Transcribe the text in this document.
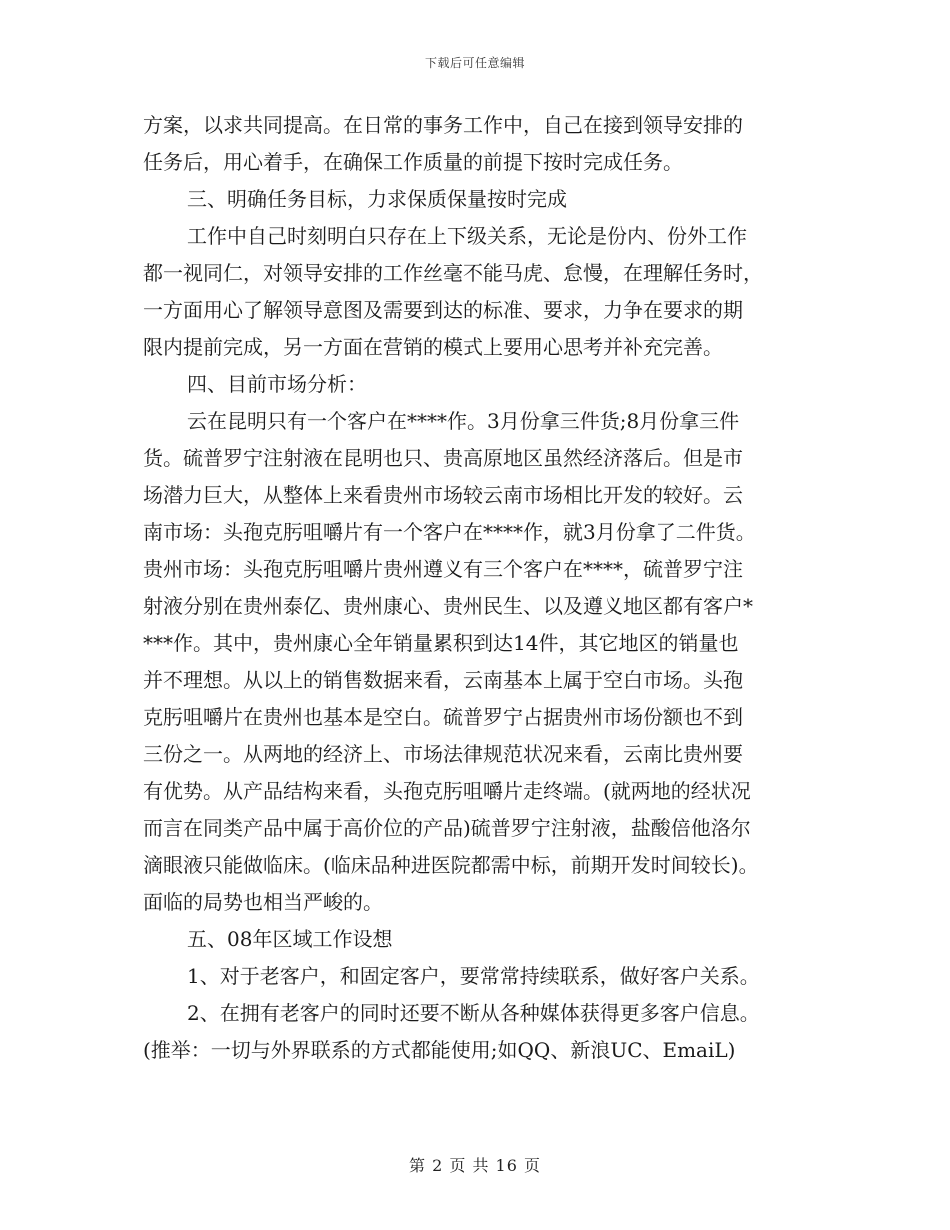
下载后可任意编辑
方案，以求共同提高。在日常的事务工作中，自己在接到领导安排的
任务后，用心着手，在确保工作质量的前提下按时完成任务。
三、明确任务目标，力求保质保量按时完成
工作中自己时刻明白只存在上下级关系，无论是份内、份外工作
都一视同仁，对领导安排的工作丝毫不能马虎、怠慢，在理解任务时，
一方面用心了解领导意图及需要到达的标准、要求，力争在要求的期
限内提前完成，另一方面在营销的模式上要用心思考并补充完善。
四、目前市场分析：
云在昆明只有一个客户在****作。3月份拿三件货;8月份拿三件
货。硫普罗宁注射液在昆明也只、贵高原地区虽然经济落后。但是市
场潜力巨大，从整体上来看贵州市场较云南市场相比开发的较好。云
南市场：头孢克肟咀嚼片有一个客户在****作，就3月份拿了二件货。
贵州市场：头孢克肟咀嚼片贵州遵义有三个客户在****，硫普罗宁注
射液分别在贵州泰亿、贵州康心、贵州民生、以及遵义地区都有客户*
***作。其中，贵州康心全年销量累积到达14件，其它地区的销量也
并不理想。从以上的销售数据来看，云南基本上属于空白市场。头孢
克肟咀嚼片在贵州也基本是空白。硫普罗宁占据贵州市场份额也不到
三份之一。从两地的经济上、市场法律规范状况来看，云南比贵州要
有优势。从产品结构来看，头孢克肟咀嚼片走终端。(就两地的经状况
而言在同类产品中属于高价位的产品)硫普罗宁注射液，盐酸倍他洛尔
滴眼液只能做临床。(临床品种进医院都需中标，前期开发时间较长)。
面临的局势也相当严峻的。
五、08年区域工作设想
1、对于老客户，和固定客户，要常常持续联系，做好客户关系。
2、在拥有老客户的同时还要不断从各种媒体获得更多客户信息。
(推举：一切与外界联系的方式都能使用;如QQ、新浪UC、EmaiL)
第 2 页 共 16 页
